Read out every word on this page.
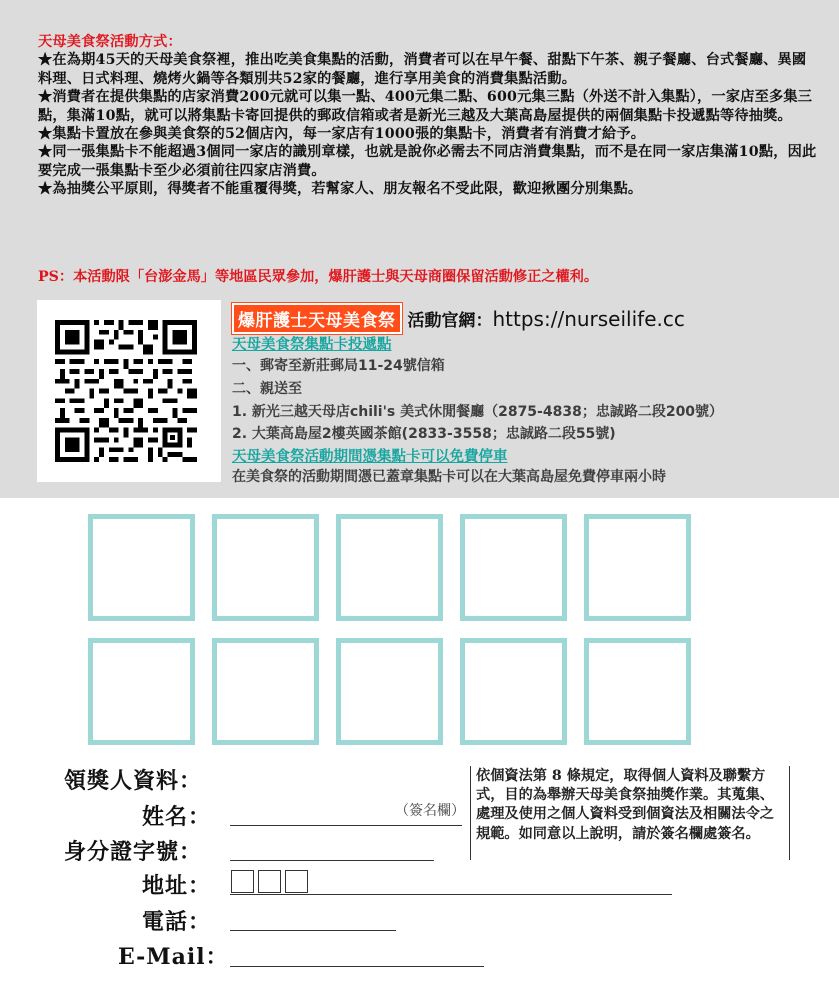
天母美食祭活動方式：

★在為期45天的天母美食祭裡，推出吃美食集點的活動，消費者可以在早午餐、甜點下午茶、親子餐廳、台式餐廳、異國料理、日式料理、燒烤火鍋等各類別共52家的餐廳，進行享用美食的消費集點活動。

★消費者在提供集點的店家消費200元就可以集一點、400元集二點、600元集三點（外送不計入集點），一家店至多集三點，集滿10點，就可以將集點卡寄回提供的郵政信箱或者是新光三越及大葉高島屋提供的兩個集點卡投遞點等待抽獎。

★集點卡置放在參與美食祭的52個店內，每一家店有1000張的集點卡，消費者有消費才給予。

★同一張集點卡不能超過3個同一家店的識別章樣，也就是說你必需去不同店消費集點，而不是在同一家店集滿10點，因此要完成一張集點卡至少必須前往四家店消費。

★為抽獎公平原則，得獎者不能重覆得獎，若幫家人、朋友報名不受此限，歡迎揪團分別集點。

PS：本活動限「台澎金馬」等地區民眾參加，爆肝護士與天母商圈保留活動修正之權利。
爆肝護士天母美食祭 活動官網：https://nurseilife.cc
天母美食祭集點卡投遞點
一、郵寄至新莊郵局11-24號信箱
二、親送至
1. 新光三越天母店chili's 美式休閒餐廳（2875-4838；忠誠路二段200號）
2. 大葉高島屋2樓英國茶館(2833-3558；忠誠路二段55號)
天母美食祭活動期間憑集點卡可以免費停車
在美食祭的活動期間憑已蓋章集點卡可以在大葉高島屋免費停車兩小時
領獎人資料：
姓名：	（簽名欄）
身分證字號：
地址：
電話：
E-Mail：
依個資法第 8 條規定，取得個人資料及聯繫方式，目的為舉辦天母美食祭抽獎作業。其蒐集、處理及使用之個人資料受到個資法及相關法令之規範。如同意以上說明，請於簽名欄處簽名。
